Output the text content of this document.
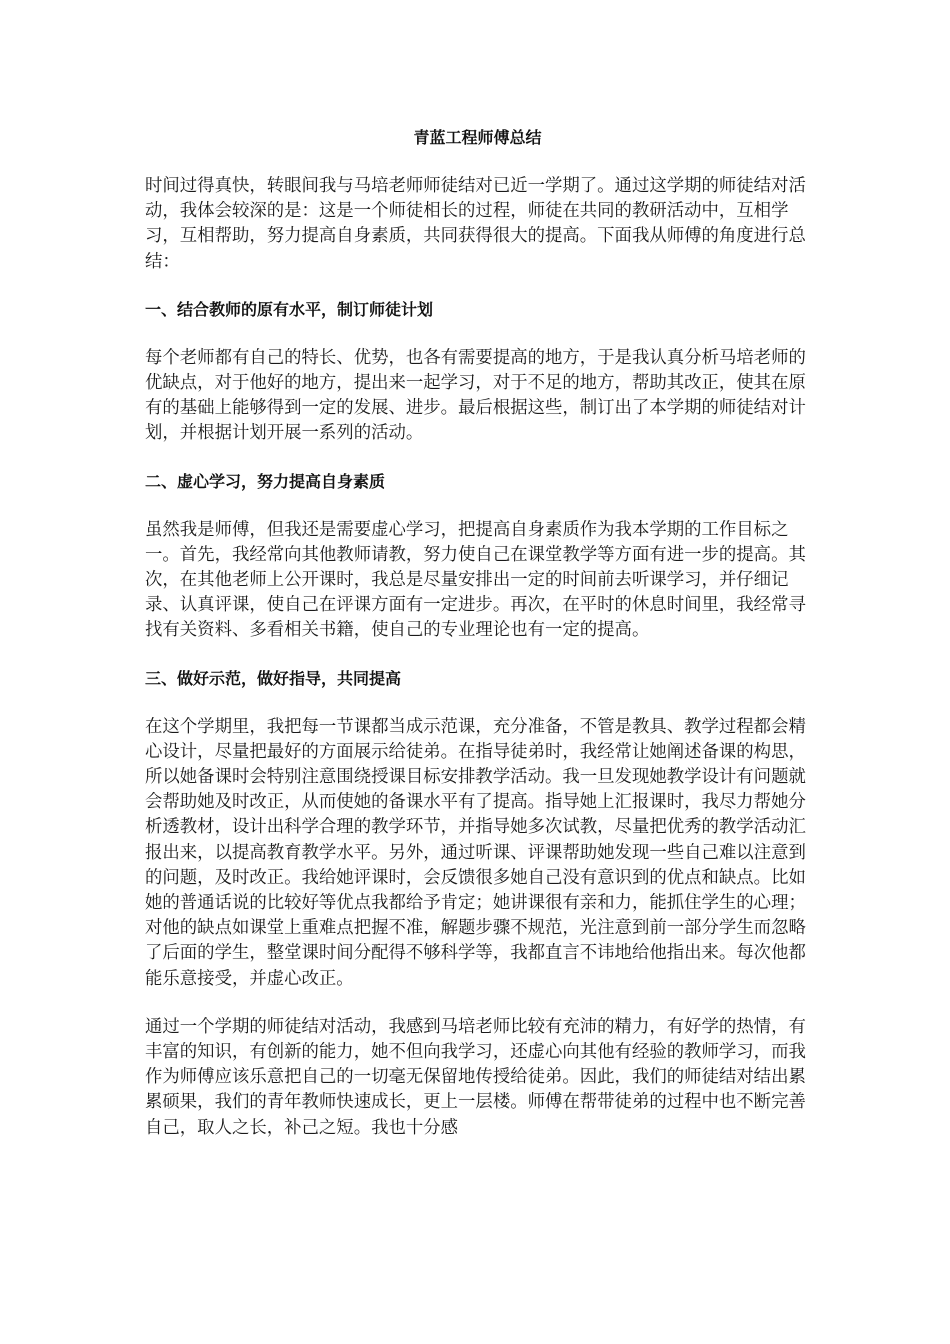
青蓝工程师傅总结

时间过得真快，转眼间我与马培老师师徒结对已近一学期了。通过这学期的师徒结对活动，我体会较深的是：这是一个师徒相长的过程，师徒在共同的教研活动中，互相学习，互相帮助，努力提高自身素质，共同获得很大的提高。下面我从师傅的角度进行总结：

一、结合教师的原有水平，制订师徒计划

每个老师都有自己的特长、优势，也各有需要提高的地方，于是我认真分析马培老师的优缺点，对于他好的地方，提出来一起学习，对于不足的地方，帮助其改正，使其在原有的基础上能够得到一定的发展、进步。最后根据这些，制订出了本学期的师徒结对计划，并根据计划开展一系列的活动。

二、虚心学习，努力提高自身素质

虽然我是师傅，但我还是需要虚心学习，把提高自身素质作为我本学期的工作目标之一。首先，我经常向其他教师请教，努力使自己在课堂教学等方面有进一步的提高。其次，在其他老师上公开课时，我总是尽量安排出一定的时间前去听课学习，并仔细记录、认真评课，使自己在评课方面有一定进步。再次，在平时的休息时间里，我经常寻找有关资料、多看相关书籍，使自己的专业理论也有一定的提高。

三、做好示范，做好指导，共同提高

在这个学期里，我把每一节课都当成示范课，充分准备，不管是教具、教学过程都会精心设计，尽量把最好的方面展示给徒弟。在指导徒弟时，我经常让她阐述备课的构思，所以她备课时会特别注意围绕授课目标安排教学活动。我一旦发现她教学设计有问题就会帮助她及时改正，从而使她的备课水平有了提高。指导她上汇报课时，我尽力帮她分析透教材，设计出科学合理的教学环节，并指导她多次试教，尽量把优秀的教学活动汇报出来，以提高教育教学水平。另外，通过听课、评课帮助她发现一些自己难以注意到的问题，及时改正。我给她评课时，会反馈很多她自己没有意识到的优点和缺点。比如她的普通话说的比较好等优点我都给予肯定；她讲课很有亲和力，能抓住学生的心理；对他的缺点如课堂上重难点把握不准，解题步骤不规范，光注意到前一部分学生而忽略了后面的学生，整堂课时间分配得不够科学等，我都直言不讳地给他指出来。每次他都能乐意接受，并虚心改正。

通过一个学期的师徒结对活动，我感到马培老师比较有充沛的精力，有好学的热情，有丰富的知识，有创新的能力，她不但向我学习，还虚心向其他有经验的教师学习，而我作为师傅应该乐意把自己的一切毫无保留地传授给徒弟。因此，我们的师徒结对结出累累硕果，我们的青年教师快速成长，更上一层楼。师傅在帮带徒弟的过程中也不断完善自己，取人之长，补己之短。我也十分感
